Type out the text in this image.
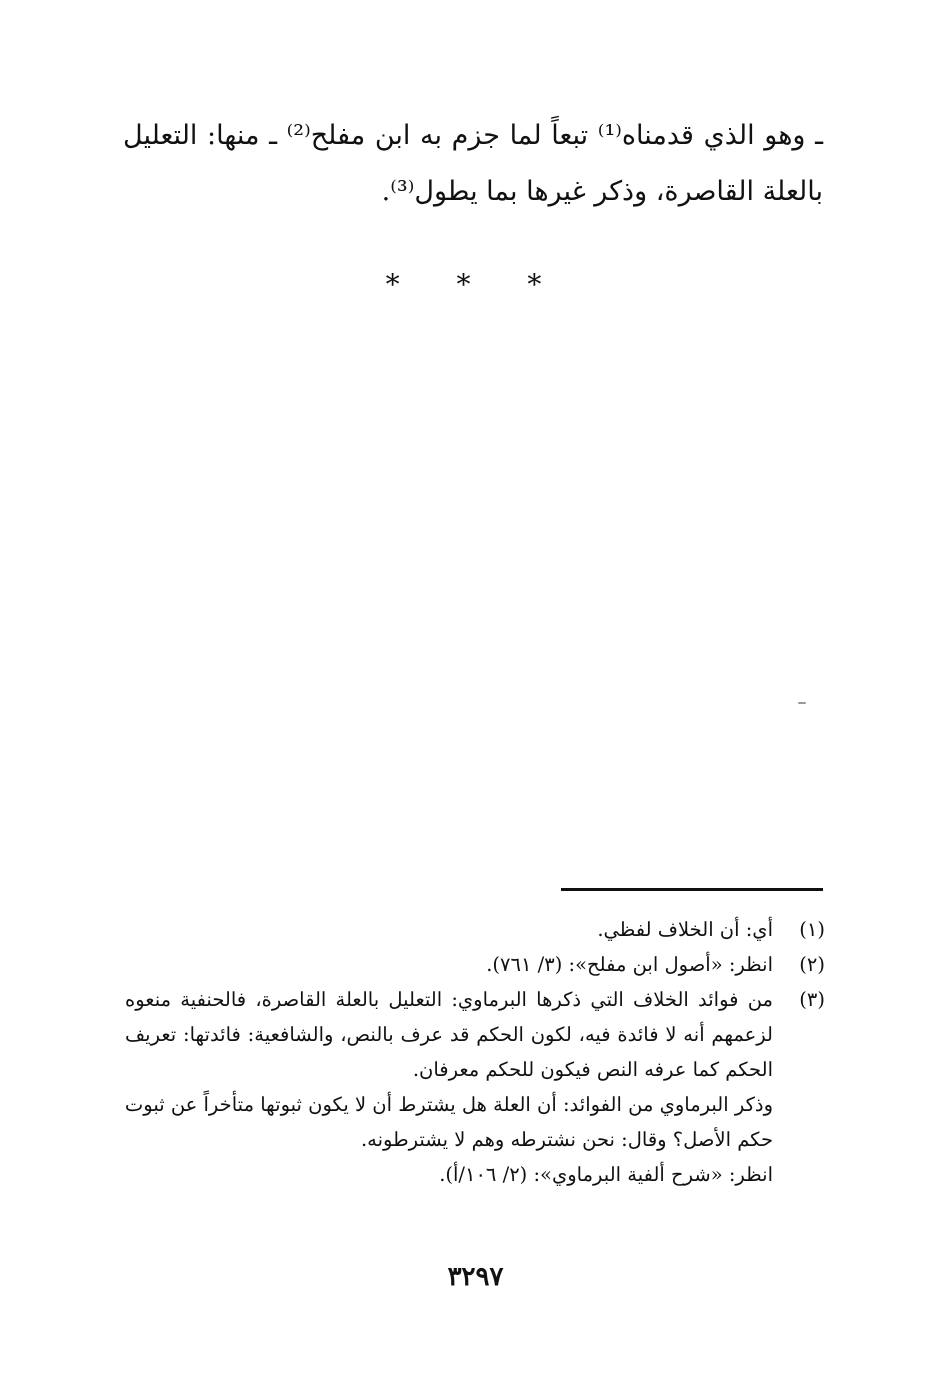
ـ وهو الذي قدمناه⁽¹⁾ تبعاً لما جزم به ابن مفلح⁽²⁾ ـ منها: التعليل
بالعلة القاصرة، وذكر غيرها بما يطول⁽³⁾.
* * *
(١)
أي: أن الخلاف لفظي.
(٢)
انظر: «أصول ابن مفلح»: (٣/ ٧٦١).
(٣)
من فوائد الخلاف التي ذكرها البرماوي: التعليل بالعلة القاصرة، فالحنفية منعوه
لزعمهم أنه لا فائدة فيه، لكون الحكم قد عرف بالنص، والشافعية: فائدتها: تعريف
الحكم كما عرفه النص فيكون للحكم معرفان.
وذكر البرماوي من الفوائد: أن العلة هل يشترط أن لا يكون ثبوتها متأخراً عن ثبوت
حكم الأصل؟ وقال: نحن نشترطه وهم لا يشترطونه.
انظر: «شرح ألفية البرماوي»: (٢/ ١٠٦/أ).
٣٢٩٧
